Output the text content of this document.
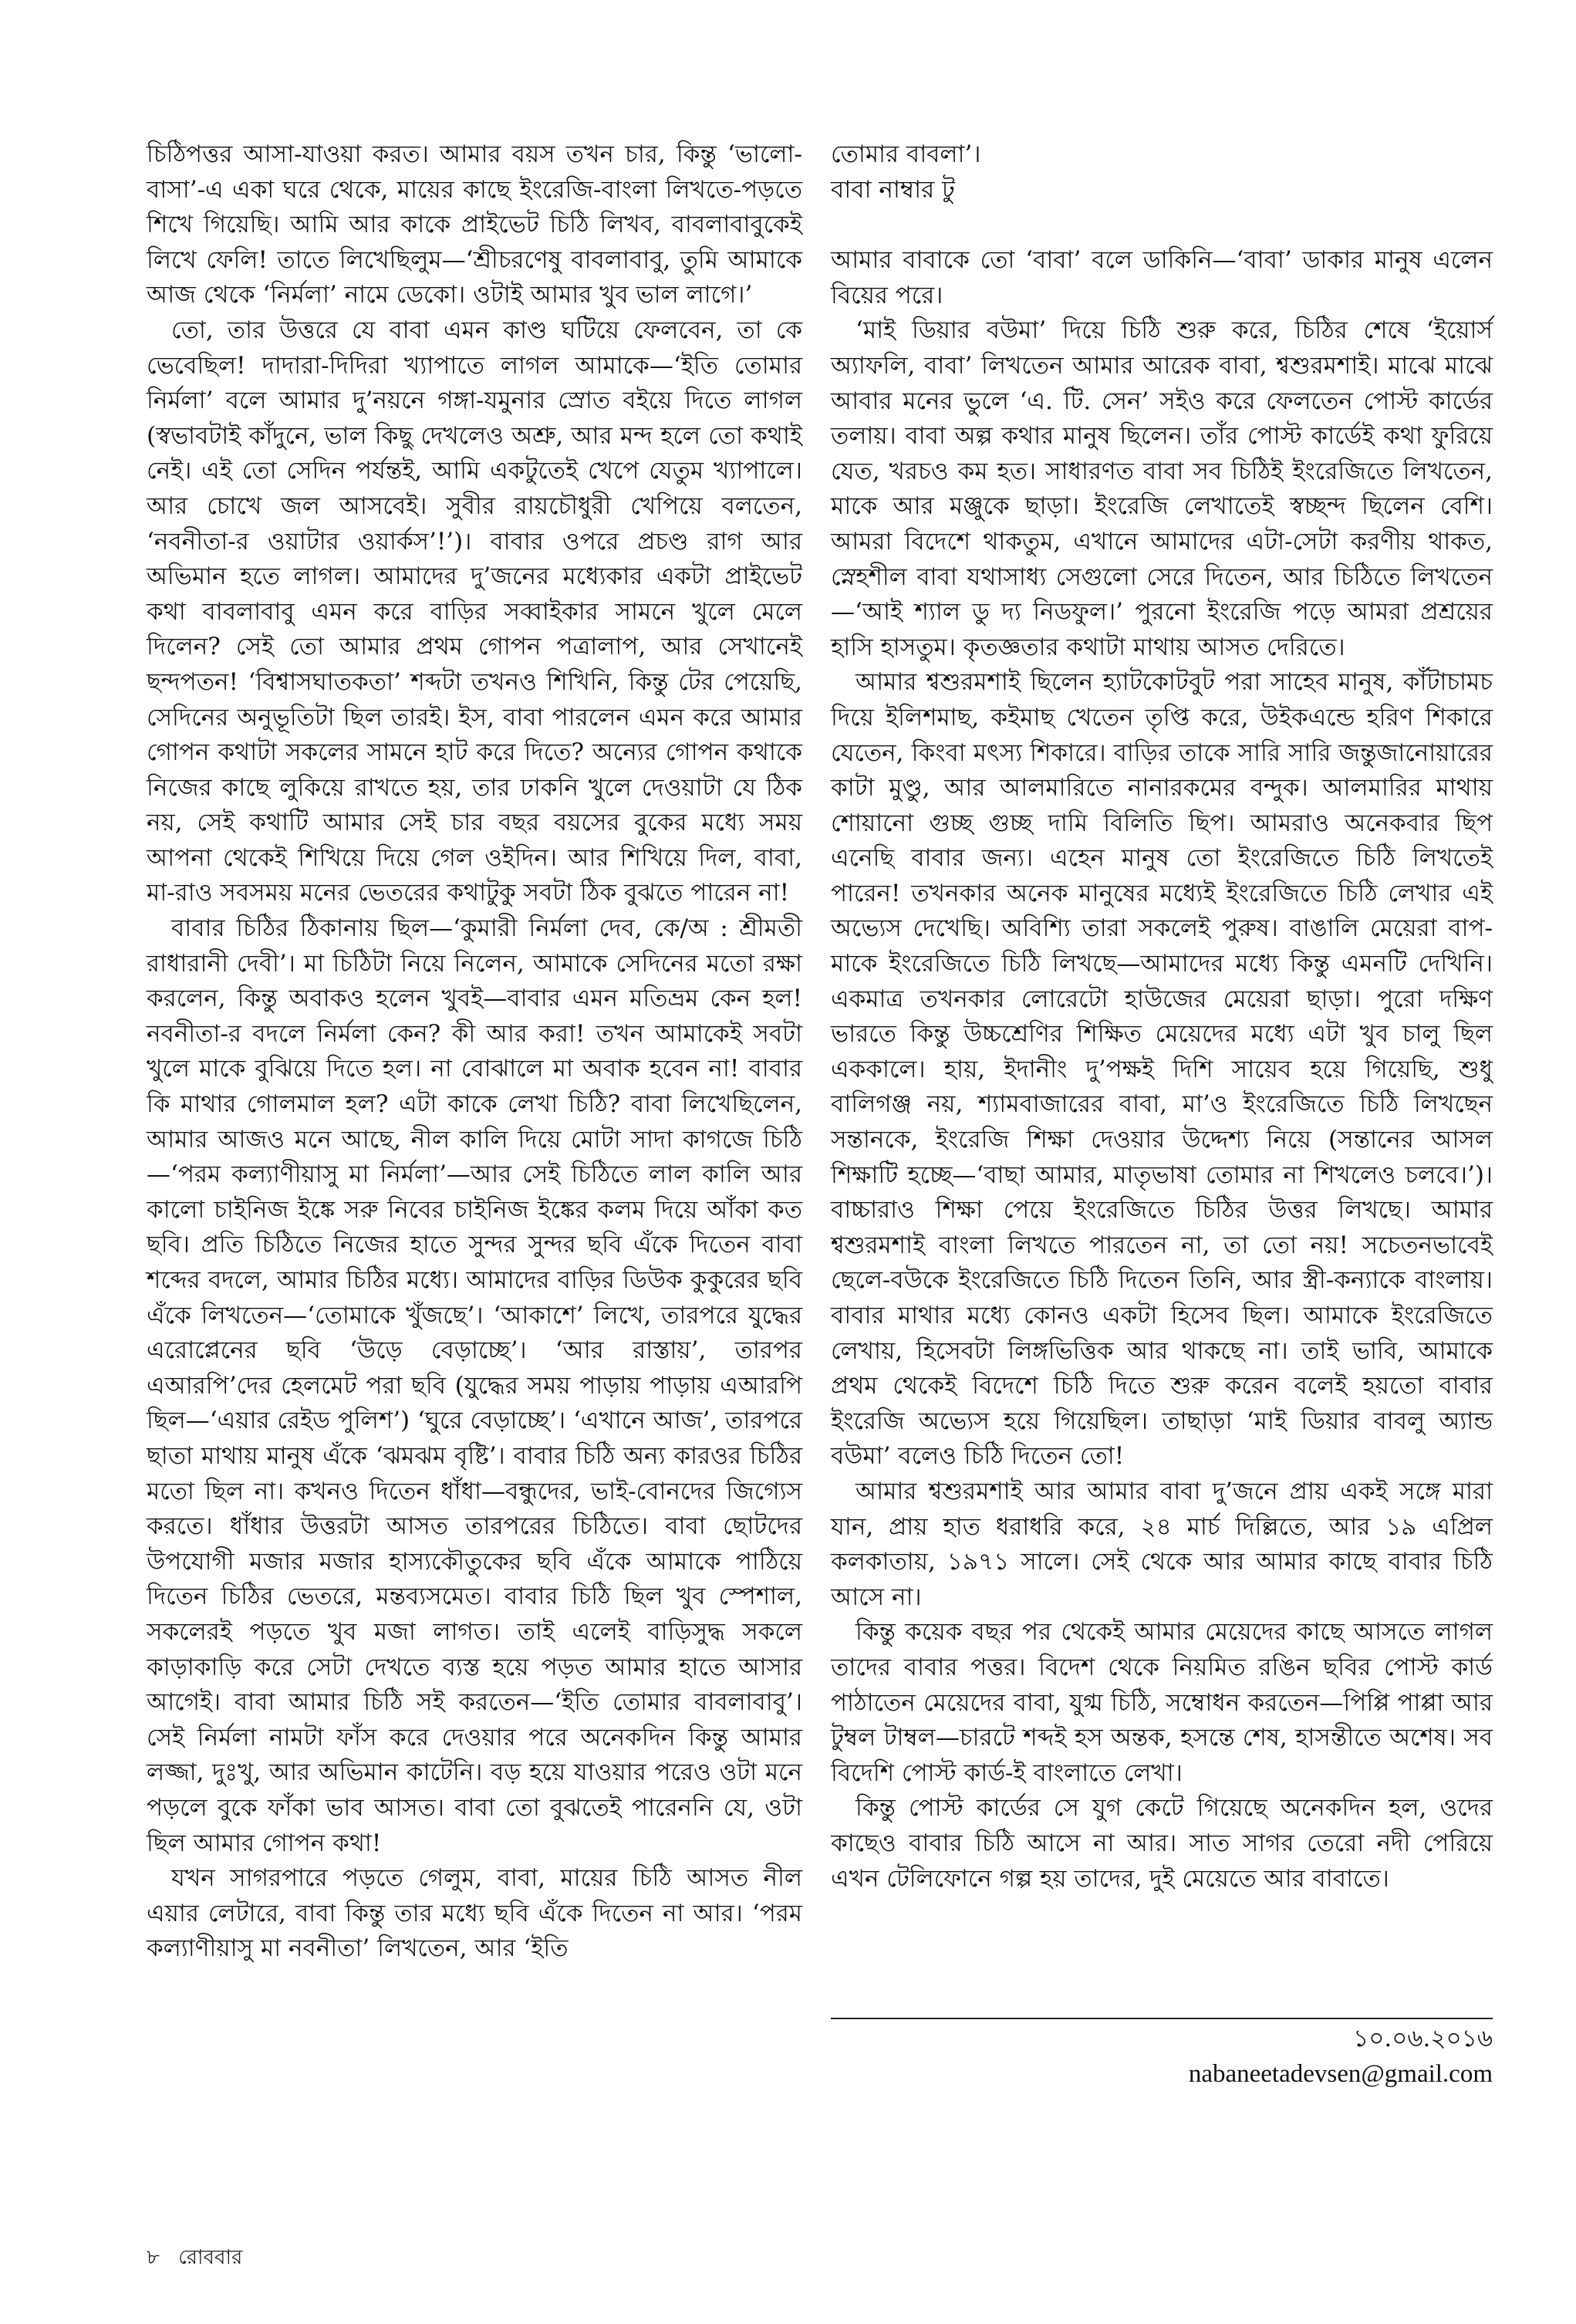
চিঠিপত্তর আসা-যাওয়া করত। আমার বয়স তখন চার, কিন্তু ‘ভালো-বাসা’-এ একা ঘরে থেকে, মায়ের কাছে ইংরেজি-বাংলা লিখতে-পড়তে শিখে গিয়েছি। আমি আর কাকে প্রাইভেট চিঠি লিখব, বাবলাবাবুকেই লিখে ফেলি! তাতে লিখেছিলুম—‘শ্রীচরণেষু বাবলাবাবু, তুমি আমাকে আজ থেকে ‘নির্মলা’ নামে ডেকো। ওটাই আমার খুব ভাল লাগে।’

তো, তার উত্তরে যে বাবা এমন কাণ্ড ঘটিয়ে ফেলবেন, তা কে ভেবেছিল! দাদারা-দিদিরা খ্যাপাতে লাগল আমাকে—‘ইতি তোমার নির্মলা’ বলে আমার দু’নয়নে গঙ্গা-যমুনার স্রোত বইয়ে দিতে লাগল (স্বভাবটাই কাঁদুনে, ভাল কিছু দেখলেও অশ্রু, আর মন্দ হলে তো কথাই নেই। এই তো সেদিন পর্যন্তই, আমি একটুতেই খেপে যেতুম খ্যাপালে। আর চোখে জল আসবেই। সুবীর রায়চৌধুরী খেপিয়ে বলতেন, ‘নবনীতা-র ওয়াটার ওয়ার্কস’!’)। বাবার ওপরে প্রচণ্ড রাগ আর অভিমান হতে লাগল। আমাদের দু’জনের মধ্যেকার একটা প্রাইভেট কথা বাবলাবাবু এমন করে বাড়ির সব্বাইকার সামনে খুলে মেলে দিলেন? সেই তো আমার প্রথম গোপন পত্রালাপ, আর সেখানেই ছন্দপতন! ‘বিশ্বাসঘাতকতা’ শব্দটা তখনও শিখিনি, কিন্তু টের পেয়েছি, সেদিনের অনুভূতিটা ছিল তারই। ইস, বাবা পারলেন এমন করে আমার গোপন কথাটা সকলের সামনে হাট করে দিতে? অন্যের গোপন কথাকে নিজের কাছে লুকিয়ে রাখতে হয়, তার ঢাকনি খুলে দেওয়াটা যে ঠিক নয়, সেই কথাটি আমার সেই চার বছর বয়সের বুকের মধ্যে সময় আপনা থেকেই শিখিয়ে দিয়ে গেল ওইদিন। আর শিখিয়ে দিল, বাবা, মা-রাও সবসময় মনের ভেতরের কথাটুকু সবটা ঠিক বুঝতে পারেন না!

বাবার চিঠির ঠিকানায় ছিল—‘কুমারী নির্মলা দেব, কে/অ : শ্রীমতী রাধারানী দেবী’। মা চিঠিটা নিয়ে নিলেন, আমাকে সেদিনের মতো রক্ষা করলেন, কিন্তু অবাকও হলেন খুবই—বাবার এমন মতিভ্রম কেন হল! নবনীতা-র বদলে নির্মলা কেন? কী আর করা! তখন আমাকেই সবটা খুলে মাকে বুঝিয়ে দিতে হল। না বোঝালে মা অবাক হবেন না! বাবার কি মাথার গোলমাল হল? এটা কাকে লেখা চিঠি? বাবা লিখেছিলেন, আমার আজও মনে আছে, নীল কালি দিয়ে মোটা সাদা কাগজে চিঠি—‘পরম কল্যাণীয়াসু মা নির্মলা’—আর সেই চিঠিতে লাল কালি আর কালো চাইনিজ ইঙ্কে সরু নিবের চাইনিজ ইঙ্কের কলম দিয়ে আঁকা কত ছবি। প্রতি চিঠিতে নিজের হাতে সুন্দর সুন্দর ছবি এঁকে দিতেন বাবা শব্দের বদলে, আমার চিঠির মধ্যে। আমাদের বাড়ির ডিউক কুকুরের ছবি এঁকে লিখতেন—‘তোমাকে খুঁজছে’। ‘আকাশে’ লিখে, তারপরে যুদ্ধের এরোপ্লেনের ছবি ‘উড়ে বেড়াচ্ছে’। ‘আর রাস্তায়’, তারপর এআরপি’দের হেলমেট পরা ছবি (যুদ্ধের সময় পাড়ায় পাড়ায় এআরপি ছিল—‘এয়ার রেইড পুলিশ’) ‘ঘুরে বেড়াচ্ছে’। ‘এখানে আজ’, তারপরে ছাতা মাথায় মানুষ এঁকে ‘ঝমঝম বৃষ্টি’। বাবার চিঠি অন্য কারওর চিঠির মতো ছিল না। কখনও দিতেন ধাঁধা—বন্ধুদের, ভাই-বোনদের জিগ্যেস করতে। ধাঁধার উত্তরটা আসত তারপরের চিঠিতে। বাবা ছোটদের উপযোগী মজার মজার হাস্যকৌতুকের ছবি এঁকে আমাকে পাঠিয়ে দিতেন চিঠির ভেতরে, মন্তব্যসমেত। বাবার চিঠি ছিল খুব স্পেশাল, সকলেরই পড়তে খুব মজা লাগত। তাই এলেই বাড়িসুদ্ধ সকলে কাড়াকাড়ি করে সেটা দেখতে ব্যস্ত হয়ে পড়ত আমার হাতে আসার আগেই। বাবা আমার চিঠি সই করতেন—‘ইতি তোমার বাবলাবাবু’। সেই নির্মলা নামটা ফাঁস করে দেওয়ার পরে অনেকদিন কিন্তু আমার লজ্জা, দুঃখু, আর অভিমান কাটেনি। বড় হয়ে যাওয়ার পরেও ওটা মনে পড়লে বুকে ফাঁকা ভাব আসত। বাবা তো বুঝতেই পারেননি যে, ওটা ছিল আমার গোপন কথা!

যখন সাগরপারে পড়তে গেলুম, বাবা, মায়ের চিঠি আসত নীল এয়ার লেটারে, বাবা কিন্তু তার মধ্যে ছবি এঁকে দিতেন না আর। ‘পরম কল্যাণীয়াসু মা নবনীতা’ লিখতেন, আর ‘ইতি

তোমার বাবলা’।

বাবা নাম্বার টু

আমার বাবাকে তো ‘বাবা’ বলে ডাকিনি—‘বাবা’ ডাকার মানুষ এলেন বিয়ের পরে।

‘মাই ডিয়ার বউমা’ দিয়ে চিঠি শুরু করে, চিঠির শেষে ‘ইয়োর্স অ্যাফলি, বাবা’ লিখতেন আমার আরেক বাবা, শ্বশুরমশাই। মাঝে মাঝে আবার মনের ভুলে ‘এ. টি. সেন’ সইও করে ফেলতেন পোস্ট কার্ডের তলায়। বাবা অল্প কথার মানুষ ছিলেন। তাঁর পোস্ট কার্ডেই কথা ফুরিয়ে যেত, খরচও কম হত। সাধারণত বাবা সব চিঠিই ইংরেজিতে লিখতেন, মাকে আর মঞ্জুকে ছাড়া। ইংরেজি লেখাতেই স্বচ্ছন্দ ছিলেন বেশি। আমরা বিদেশে থাকতুম, এখানে আমাদের এটা-সেটা করণীয় থাকত, স্নেহশীল বাবা যথাসাধ্য সেগুলো সেরে দিতেন, আর চিঠিতে লিখতেন—‘আই শ্যাল ডু দ্য নিডফুল।’ পুরনো ইংরেজি পড়ে আমরা প্রশ্রয়ের হাসি হাসতুম। কৃতজ্ঞতার কথাটা মাথায় আসত দেরিতে।

আমার শ্বশুরমশাই ছিলেন হ্যাটকোটবুট পরা সাহেব মানুষ, কাঁটাচামচ দিয়ে ইলিশমাছ, কইমাছ খেতেন তৃপ্তি করে, উইকএন্ডে হরিণ শিকারে যেতেন, কিংবা মৎস্য শিকারে। বাড়ির তাকে সারি সারি জন্তুজানোয়ারের কাটা মুণ্ডু, আর আলমারিতে নানারকমের বন্দুক। আলমারির মাথায় শোয়ানো গুচ্ছ গুচ্ছ দামি বিলিতি ছিপ। আমরাও অনেকবার ছিপ এনেছি বাবার জন্য। এহেন মানুষ তো ইংরেজিতে চিঠি লিখতেই পারেন! তখনকার অনেক মানুষের মধ্যেই ইংরেজিতে চিঠি লেখার এই অভ্যেস দেখেছি। অবিশ্যি তারা সকলেই পুরুষ। বাঙালি মেয়েরা বাপ-মাকে ইংরেজিতে চিঠি লিখছে—আমাদের মধ্যে কিন্তু এমনটি দেখিনি। একমাত্র তখনকার লোরেটো হাউজের মেয়েরা ছাড়া। পুরো দক্ষিণ ভারতে কিন্তু উচ্চশ্রেণির শিক্ষিত মেয়েদের মধ্যে এটা খুব চালু ছিল এককালে। হায়, ইদানীং দু’পক্ষই দিশি সায়েব হয়ে গিয়েছি, শুধু বালিগঞ্জ নয়, শ্যামবাজারের বাবা, মা’ও ইংরেজিতে চিঠি লিখছেন সন্তানকে, ইংরেজি শিক্ষা দেওয়ার উদ্দেশ্য নিয়ে (সন্তানের আসল শিক্ষাটি হচ্ছে—‘বাছা আমার, মাতৃভাষা তোমার না শিখলেও চলবে।’)। বাচ্চারাও শিক্ষা পেয়ে ইংরেজিতে চিঠির উত্তর লিখছে। আমার শ্বশুরমশাই বাংলা লিখতে পারতেন না, তা তো নয়! সচেতনভাবেই ছেলে-বউকে ইংরেজিতে চিঠি দিতেন তিনি, আর স্ত্রী-কন্যাকে বাংলায়। বাবার মাথার মধ্যে কোনও একটা হিসেব ছিল। আমাকে ইংরেজিতে লেখায়, হিসেবটা লিঙ্গভিত্তিক আর থাকছে না। তাই ভাবি, আমাকে প্রথম থেকেই বিদেশে চিঠি দিতে শুরু করেন বলেই হয়তো বাবার ইংরেজি অভ্যেস হয়ে গিয়েছিল। তাছাড়া ‘মাই ডিয়ার বাবলু অ্যান্ড বউমা’ বলেও চিঠি দিতেন তো!

আমার শ্বশুরমশাই আর আমার বাবা দু’জনে প্রায় একই সঙ্গে মারা যান, প্রায় হাত ধরাধরি করে, ২৪ মার্চ দিল্লিতে, আর ১৯ এপ্রিল কলকাতায়, ১৯৭১ সালে। সেই থেকে আর আমার কাছে বাবার চিঠি আসে না।

কিন্তু কয়েক বছর পর থেকেই আমার মেয়েদের কাছে আসতে লাগল তাদের বাবার পত্তর। বিদেশ থেকে নিয়মিত রঙিন ছবির পোস্ট কার্ড পাঠাতেন মেয়েদের বাবা, যুগ্ম চিঠি, সম্বোধন করতেন—পিপ্পি পাপ্পা আর টুম্বল টাম্বল—চারটে শব্দই হস অন্তক, হসন্তে শেষ, হাসন্তীতে অশেষ। সব বিদেশি পোস্ট কার্ড-ই বাংলাতে লেখা।

কিন্তু পোস্ট কার্ডের সে যুগ কেটে গিয়েছে অনেকদিন হল, ওদের কাছেও বাবার চিঠি আসে না আর। সাত সাগর তেরো নদী পেরিয়ে এখন টেলিফোনে গল্প হয় তাদের, দুই মেয়েতে আর বাবাতে।

১০.০৬.২০১৬
nabaneetadevsen@gmail.com
৮ রোববার
